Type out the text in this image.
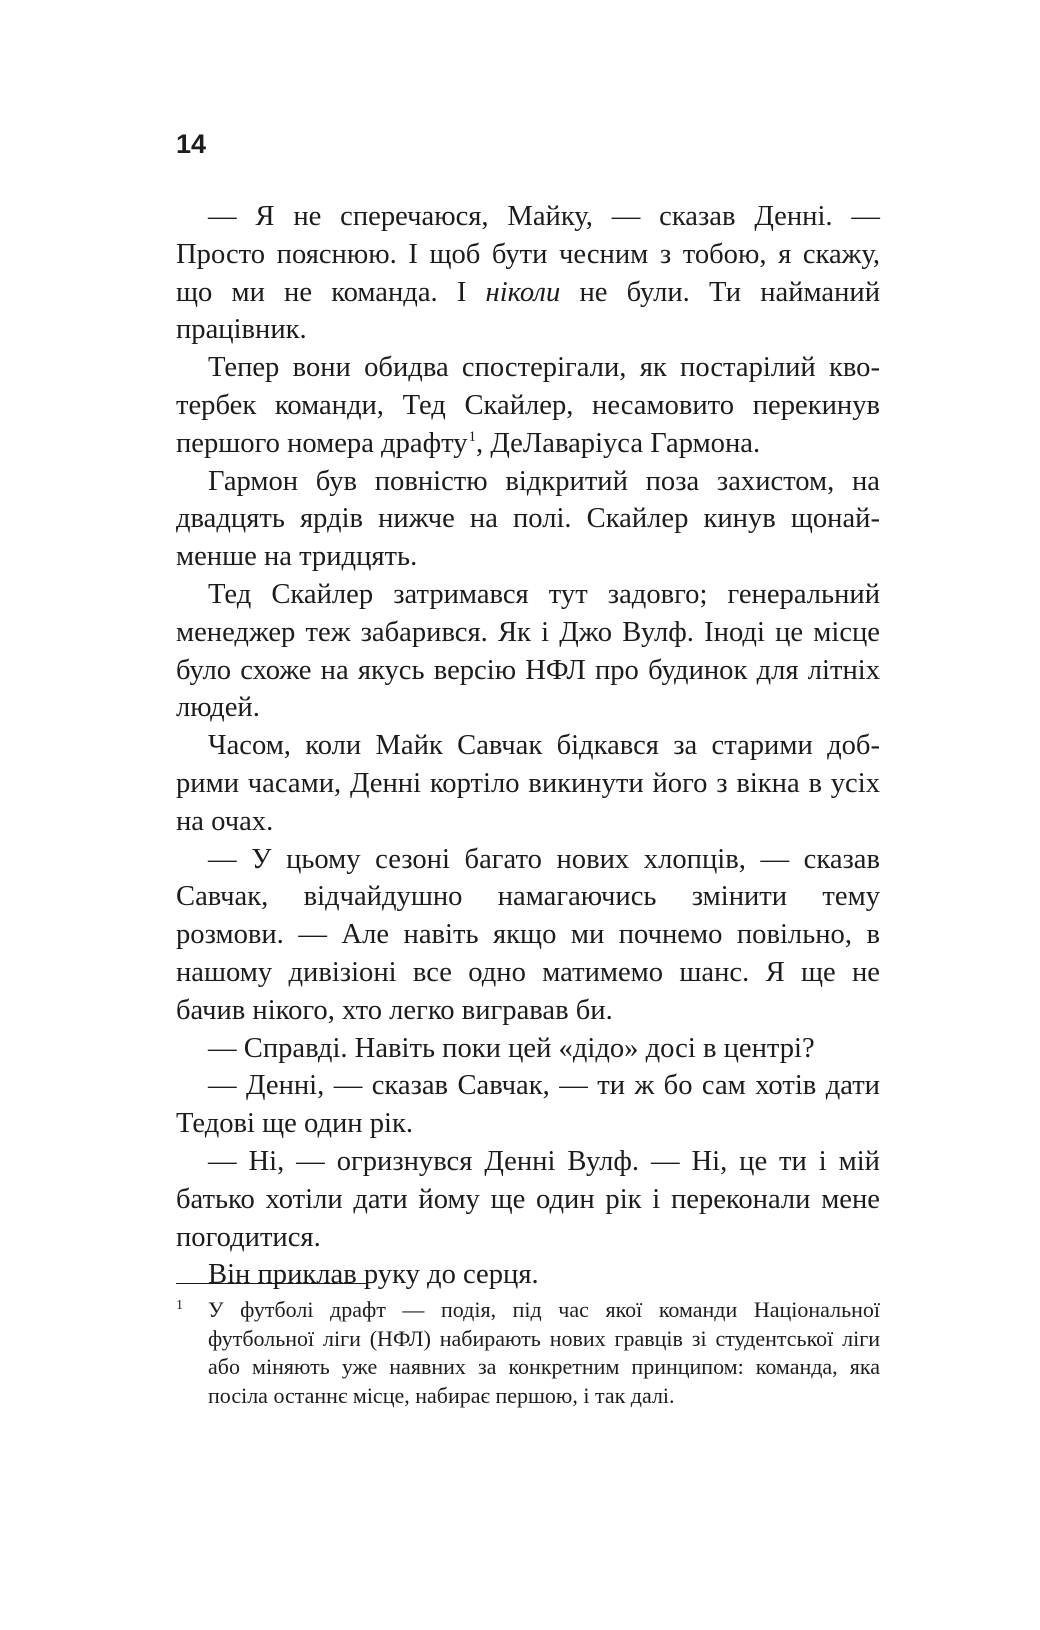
14

— Я не сперечаюся, Майку, — сказав Денні. — Просто пояснюю. І щоб бути чесним з тобою, я скажу, що ми не команда. І ніколи не були. Ти найманий працівник.

Тепер вони обидва спостерігали, як постарілий квотербек команди, Тед Скайлер, несамовито перекинув першого номера драфту$^1$, ДеЛаваріуса Гармона.

Гармон був повністю відкритий поза захистом, на двадцять ярдів нижче на полі. Скайлер кинув щонайменше на тридцять.

Тед Скайлер затримався тут задовго; генеральний менеджер теж забарився. Як і Джо Вулф. Іноді це місце було схоже на якусь версію НФЛ про будинок для літніх людей.

Часом, коли Майк Савчак бідкався за старими добрими часами, Денні кортіло викинути його з вікна в усіх на очах.

— У цьому сезоні багато нових хлопців, — сказав Савчак, відчайдушно намагаючись змінити тему розмови. — Але навіть якщо ми почнемо повільно, в нашому дивізіоні все одно матимемо шанс. Я ще не бачив нікого, хто легко вигравав би.

— Справді. Навіть поки цей «дідо» досі в центрі?

— Денні, — сказав Савчак, — ти ж бо сам хотів дати Тедові ще один рік.

— Ні, — огризнувся Денні Вулф. — Ні, це ти і мій батько хотіли дати йому ще один рік і переконали мене погодитися.

Він приклав руку до серця.

1 У футболі драфт — подія, під час якої команди Національної футбольної ліги (НФЛ) набирають нових гравців зі студентської ліги або міняють уже наявних за конкретним принципом: команда, яка посіла останнє місце, набирає першою, і так далі.
